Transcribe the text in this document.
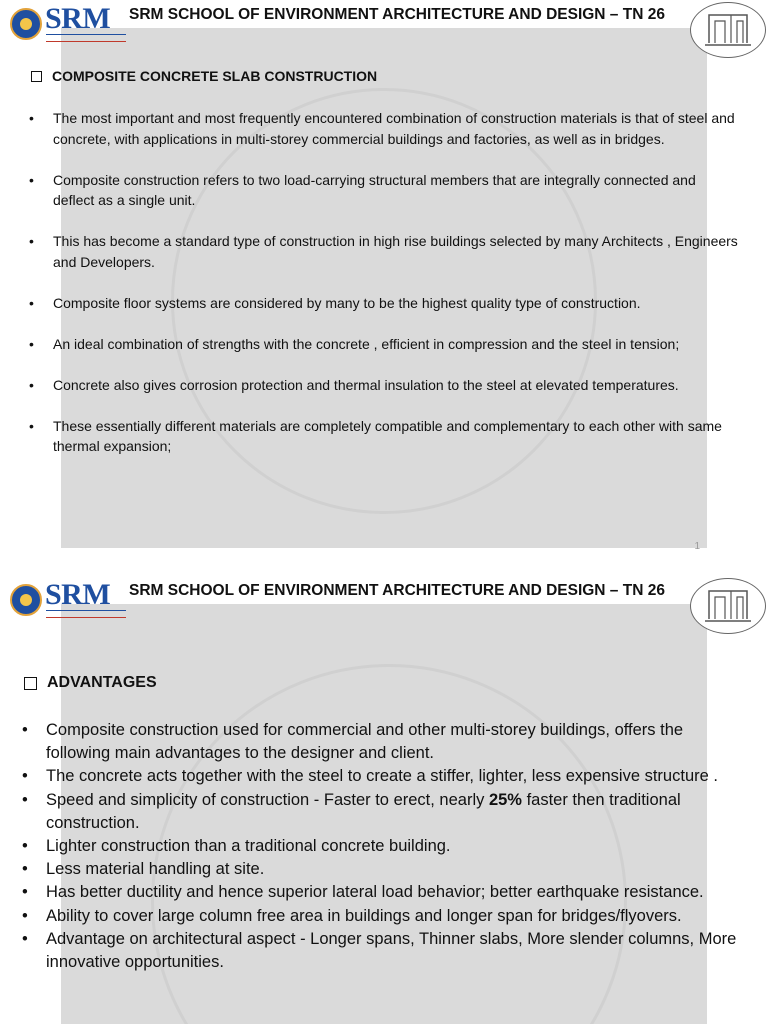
SRM SRM SCHOOL OF ENVIRONMENT ARCHITECTURE AND DESIGN – TN 26
COMPOSITE CONCRETE SLAB CONSTRUCTION
• The most important and most frequently encountered combination of construction materials is that of steel and concrete, with applications in multi-storey commercial buildings and factories, as well as in bridges.
• Composite construction refers to two load-carrying structural members that are integrally connected and deflect as a single unit.
• This has become a standard type of construction in high rise buildings selected by many Architects , Engineers and Developers.
• Composite floor systems are considered by many to be the highest quality type of construction.
• An ideal combination of strengths with the concrete , efficient in compression and the steel in tension;
• Concrete also gives corrosion protection and thermal insulation to the steel at elevated temperatures.
• These essentially different materials are completely compatible and complementary to each other with same thermal expansion;
1
SRM SRM SCHOOL OF ENVIRONMENT ARCHITECTURE AND DESIGN – TN 26
ADVANTAGES
• Composite construction used for commercial and other multi-storey buildings, offers the following main advantages to the designer and client.
• The concrete acts together with the steel to create a stiffer, lighter, less expensive structure .
• Speed and simplicity of construction - Faster to erect, nearly 25% faster then traditional construction.
• Lighter construction than a traditional concrete building.
• Less material handling at site.
• Has better ductility and hence superior lateral load behavior; better earthquake resistance.
• Ability to cover large column free area in buildings and longer span for bridges/flyovers.
• Advantage on architectural aspect - Longer spans, Thinner slabs, More slender columns, More innovative opportunities.
